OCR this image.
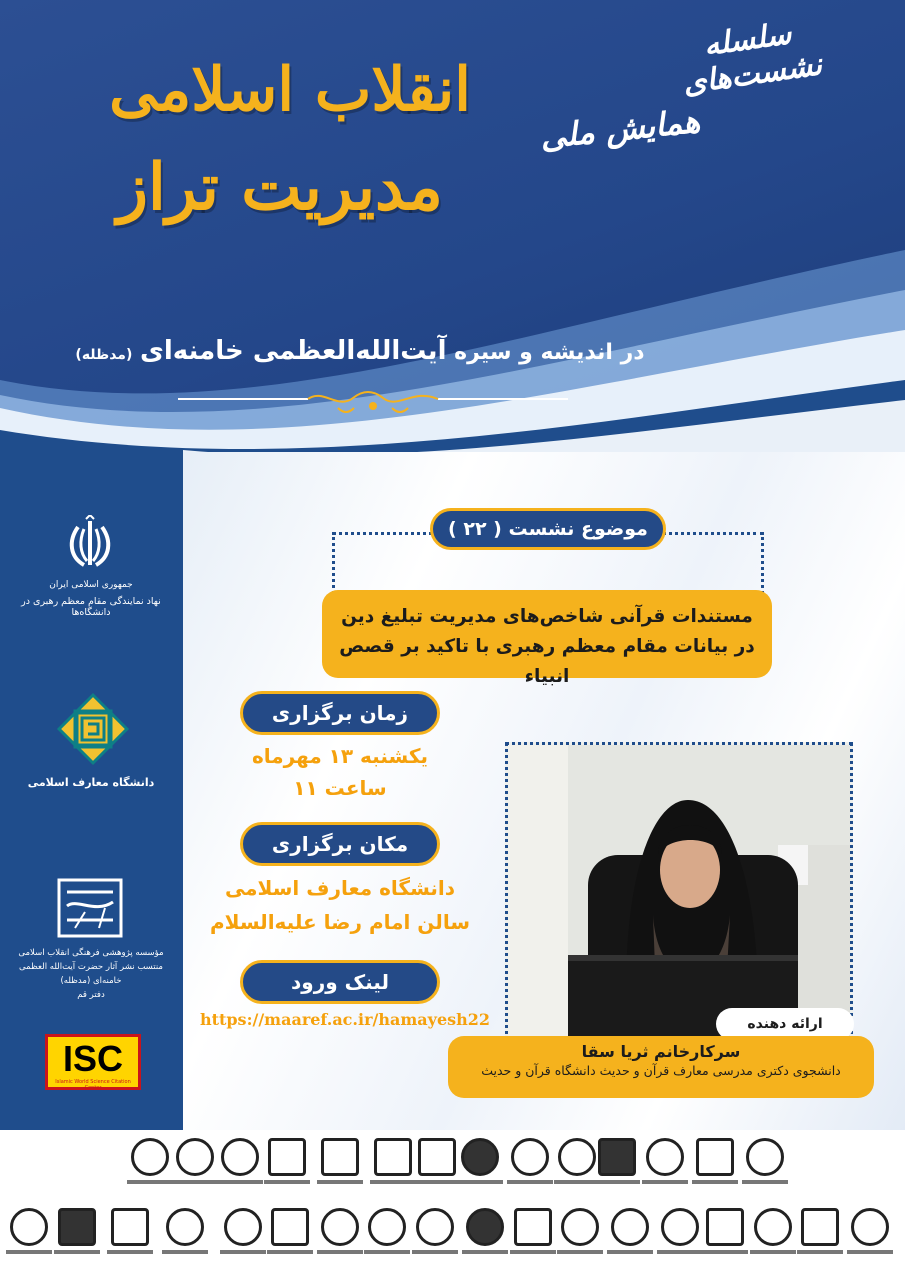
سلسله نشست‌های
همایش ملی
انقلاب اسلامی
مدیریت تراز
در اندیشه و سیره آیت‌الله‌العظمی خامنه‌ای (مدظله)
جمهوری اسلامی ایران
نهاد نمایندگی مقام معظم رهبری در دانشگاه‌ها
دانشگاه معارف اسلامی
مؤسسه پژوهشی فرهنگی انقلاب اسلامی
منتسب نشر آثار حضرت آیت‌الله العظمی خامنه‌ای (مدظله)
دفتر قم
ISC
Islamic World Science Citation Center
موضوع نشست ( ۲۲ )
مستندات قرآنی شاخص‌های مدیریت تبلیغ دین
در بیانات مقام معظم رهبری با تاکید بر قصص انبیاء
زمان برگزاری
یکشنبه ۱۳ مهرماه
ساعت ۱۱
مکان برگزاری
دانشگاه معارف اسلامی
سالن امام رضا علیه‌السلام
لینک ورود
https://maaref.ac.ir/hamayesh22	ارائه دهنده
سرکارخانم ثریا سقا
دانشجوی دکتری مدرسی معارف قرآن و حدیث دانشگاه قرآن و حدیث
